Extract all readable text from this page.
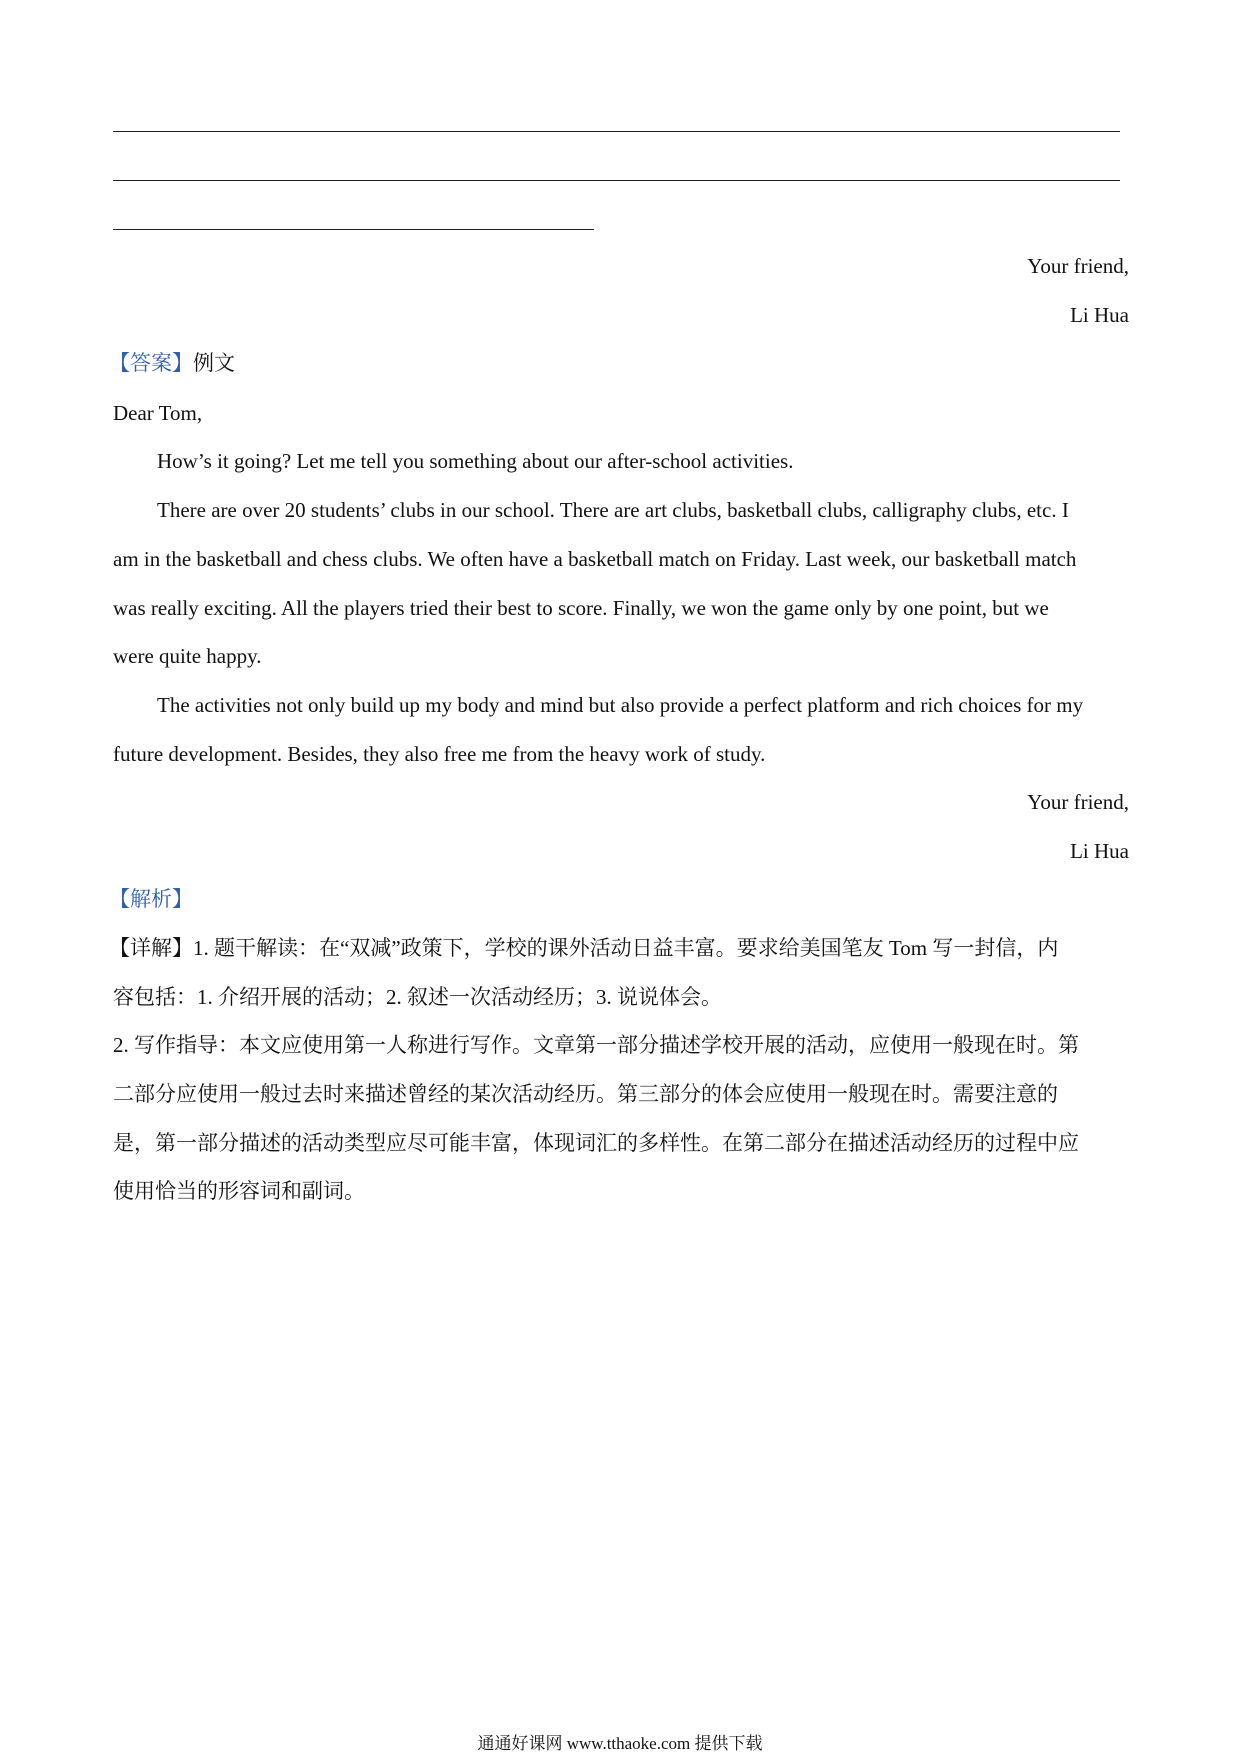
Your friend,
Li Hua
【答案】例文
Dear Tom,
How’s it going? Let me tell you something about our after-school activities.
There are over 20 students’ clubs in our school. There are art clubs, basketball clubs, calligraphy clubs, etc. I
am in the basketball and chess clubs. We often have a basketball match on Friday. Last week, our basketball match
was really exciting. All the players tried their best to score. Finally, we won the game only by one point, but we
were quite happy.
The activities not only build up my body and mind but also provide a perfect platform and rich choices for my
future development. Besides, they also free me from the heavy work of study.
Your friend,
Li Hua
【解析】
【详解】1. 题干解读：在“双减”政策下，学校的课外活动日益丰富。要求给美国笔友 Tom 写一封信，内
容包括：1. 介绍开展的活动；2. 叙述一次活动经历；3. 说说体会。
2. 写作指导：本文应使用第一人称进行写作。文章第一部分描述学校开展的活动，应使用一般现在时。第
二部分应使用一般过去时来描述曾经的某次活动经历。第三部分的体会应使用一般现在时。需要注意的
是，第一部分描述的活动类型应尽可能丰富，体现词汇的多样性。在第二部分在描述活动经历的过程中应
使用恰当的形容词和副词。
通通好课网 www.tthaoke.com 提供下载
